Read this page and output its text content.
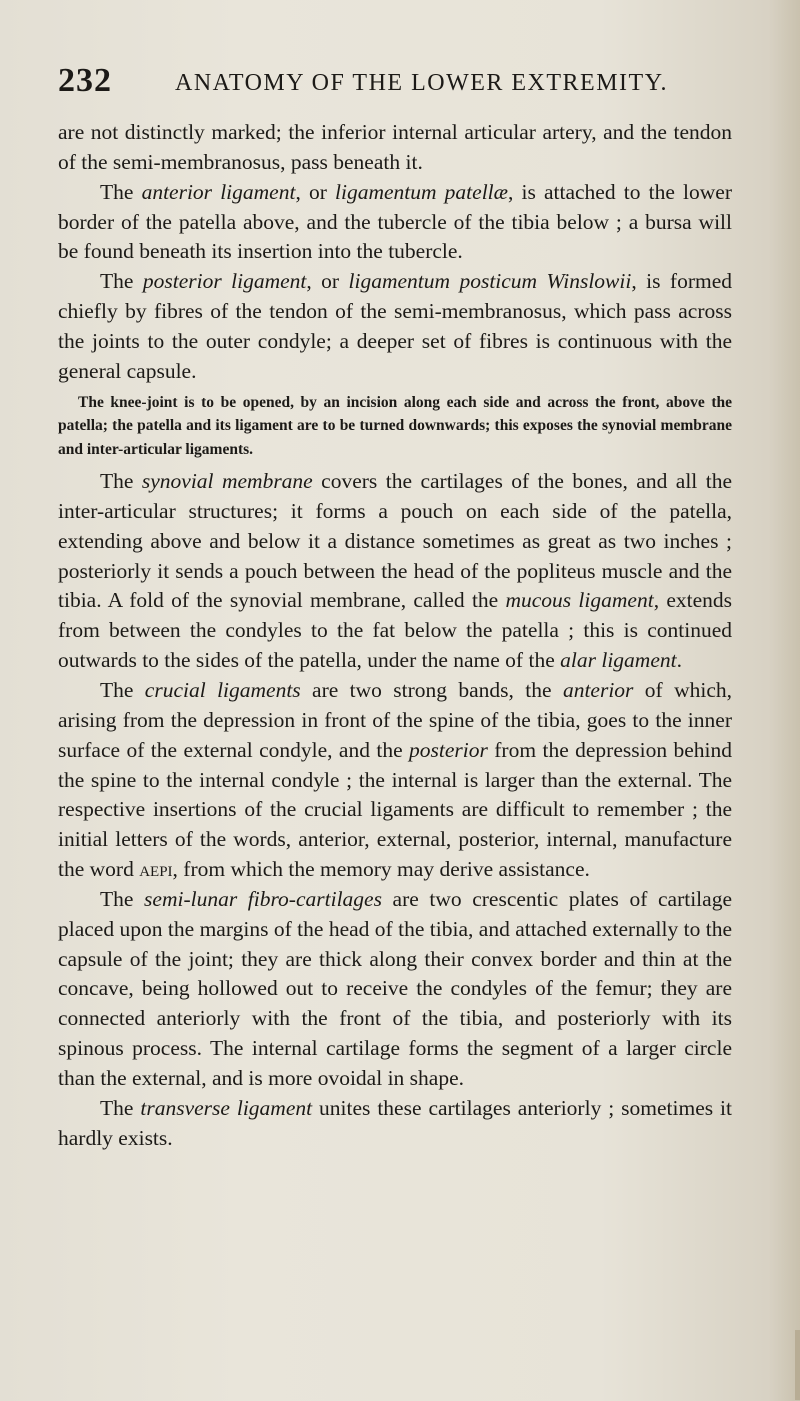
232	ANATOMY OF THE LOWER EXTREMITY.

are not distinctly marked; the inferior internal articular artery, and the tendon of the semi-membranosus, pass beneath it.

The anterior ligament, or ligamentum patellæ, is attached to the lower border of the patella above, and the tubercle of the tibia below ; a bursa will be found beneath its insertion into the tubercle.

The posterior ligament, or ligamentum posticum Winslowii, is formed chiefly by fibres of the tendon of the semi-membranosus, which pass across the joints to the outer condyle; a deeper set of fibres is continuous with the general capsule.

The knee-joint is to be opened, by an incision along each side and across the front, above the patella; the patella and its ligament are to be turned downwards; this exposes the synovial membrane and inter-articular ligaments.

The synovial membrane covers the cartilages of the bones, and all the inter-articular structures; it forms a pouch on each side of the patella, extending above and below it a distance sometimes as great as two inches ; posteriorly it sends a pouch between the head of the popliteus muscle and the tibia. A fold of the synovial membrane, called the mucous ligament, extends from between the condyles to the fat below the patella ; this is continued outwards to the sides of the patella, under the name of the alar ligament.

The crucial ligaments are two strong bands, the anterior of which, arising from the depression in front of the spine of the tibia, goes to the inner surface of the external condyle, and the posterior from the depression behind the spine to the internal condyle ; the internal is larger than the external. The respective insertions of the crucial ligaments are difficult to remember ; the initial letters of the words, anterior, external, posterior, internal, manufacture the word aepi, from which the memory may derive assistance.

The semi-lunar fibro-cartilages are two crescentic plates of cartilage placed upon the margins of the head of the tibia, and attached externally to the capsule of the joint; they are thick along their convex border and thin at the concave, being hollowed out to receive the condyles of the femur; they are connected anteriorly with the front of the tibia, and posteriorly with its spinous process. The internal cartilage forms the segment of a larger circle than the external, and is more ovoidal in shape.

The transverse ligament unites these cartilages anteriorly ; sometimes it hardly exists.
